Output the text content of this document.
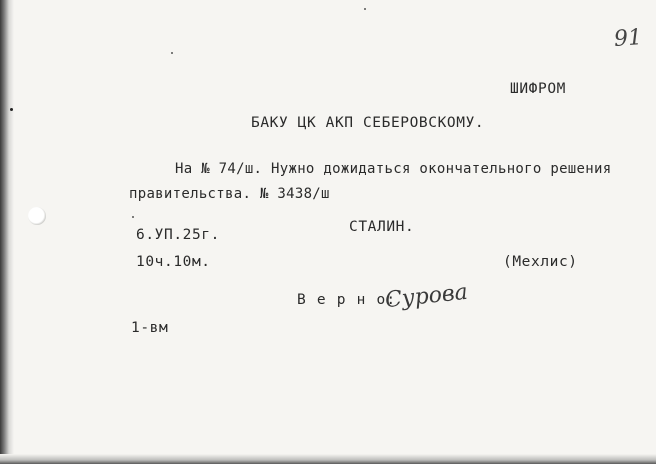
91
ШИФРОМ
БАКУ ЦК АКП СЕБЕРОВСКОМУ.
На № 74/ш. Нужно дожидаться окончательного решения
правительства. № 3438/ш
6.УП.25г.	СТАЛИН.
10ч.10м.	(Мехлис)
В е р н о:
Сурова
1-вм
